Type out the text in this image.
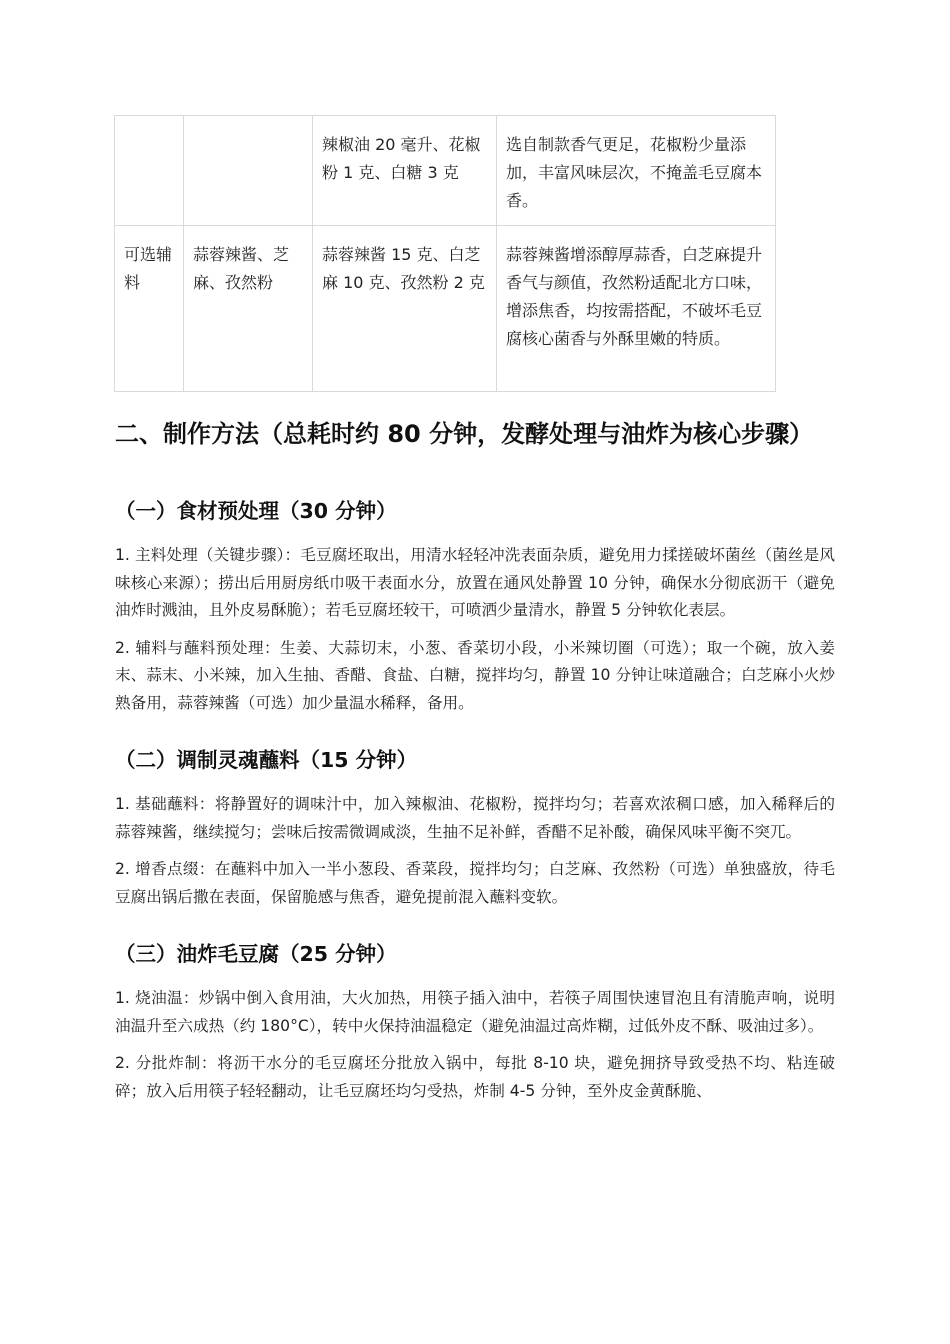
		辣椒油 20 毫升、花椒粉 1 克、白糖 3 克	选自制款香气更足，花椒粉少量添加，丰富风味层次，不掩盖毛豆腐本香。
可选辅料	蒜蓉辣酱、芝麻、孜然粉	蒜蓉辣酱 15 克、白芝麻 10 克、孜然粉 2 克	蒜蓉辣酱增添醇厚蒜香，白芝麻提升香气与颜值，孜然粉适配北方口味，增添焦香，均按需搭配，不破坏毛豆腐核心菌香与外酥里嫩的特质。
二、制作方法（总耗时约 80 分钟，发酵处理与油炸为核心步骤）
（一）食材预处理（30 分钟）

1. 主料处理（关键步骤）：毛豆腐坯取出，用清水轻轻冲洗表面杂质，避免用力揉搓破坏菌丝（菌丝是风味核心来源）；捞出后用厨房纸巾吸干表面水分，放置在通风处静置 10 分钟，确保水分彻底沥干（避免油炸时溅油，且外皮易酥脆）；若毛豆腐坯较干，可喷洒少量清水，静置 5 分钟软化表层。

2. 辅料与蘸料预处理：生姜、大蒜切末，小葱、香菜切小段，小米辣切圈（可选）；取一个碗，放入姜末、蒜末、小米辣，加入生抽、香醋、食盐、白糖，搅拌均匀，静置 10 分钟让味道融合；白芝麻小火炒熟备用，蒜蓉辣酱（可选）加少量温水稀释，备用。

（二）调制灵魂蘸料（15 分钟）

1. 基础蘸料：将静置好的调味汁中，加入辣椒油、花椒粉，搅拌均匀；若喜欢浓稠口感，加入稀释后的蒜蓉辣酱，继续搅匀；尝味后按需微调咸淡，生抽不足补鲜，香醋不足补酸，确保风味平衡不突兀。

2. 增香点缀：在蘸料中加入一半小葱段、香菜段，搅拌均匀；白芝麻、孜然粉（可选）单独盛放，待毛豆腐出锅后撒在表面，保留脆感与焦香，避免提前混入蘸料变软。

（三）油炸毛豆腐（25 分钟）

1. 烧油温：炒锅中倒入食用油，大火加热，用筷子插入油中，若筷子周围快速冒泡且有清脆声响，说明油温升至六成热（约 180°C），转中火保持油温稳定（避免油温过高炸糊，过低外皮不酥、吸油过多）。

2. 分批炸制：将沥干水分的毛豆腐坯分批放入锅中，每批 8-10 块，避免拥挤导致受热不均、粘连破碎；放入后用筷子轻轻翻动，让毛豆腐坯均匀受热，炸制 4-5 分钟，至外皮金黄酥脆、
